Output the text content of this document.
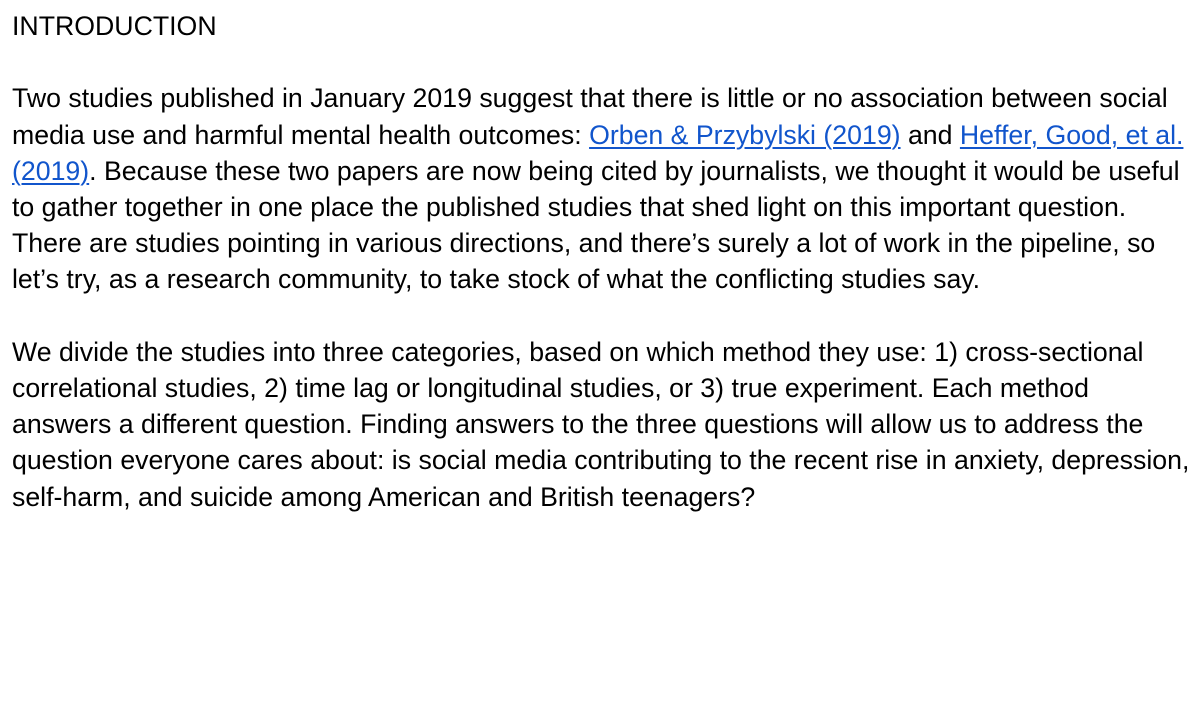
INTRODUCTION

Two studies published in January 2019 suggest that there is little or no association between social media use and harmful mental health outcomes: Orben & Przybylski (2019) and Heffer, Good, et al. (2019). Because these two papers are now being cited by journalists, we thought it would be useful to gather together in one place the published studies that shed light on this important question. There are studies pointing in various directions, and there’s surely a lot of work in the pipeline, so let’s try, as a research community, to take stock of what the conflicting studies say.

We divide the studies into three categories, based on which method they use: 1) cross-sectional correlational studies, 2) time lag or longitudinal studies, or 3) true experiment. Each method answers a different question. Finding answers to the three questions will allow us to address the question everyone cares about: is social media contributing to the recent rise in anxiety, depression, self-harm, and suicide among American and British teenagers?
